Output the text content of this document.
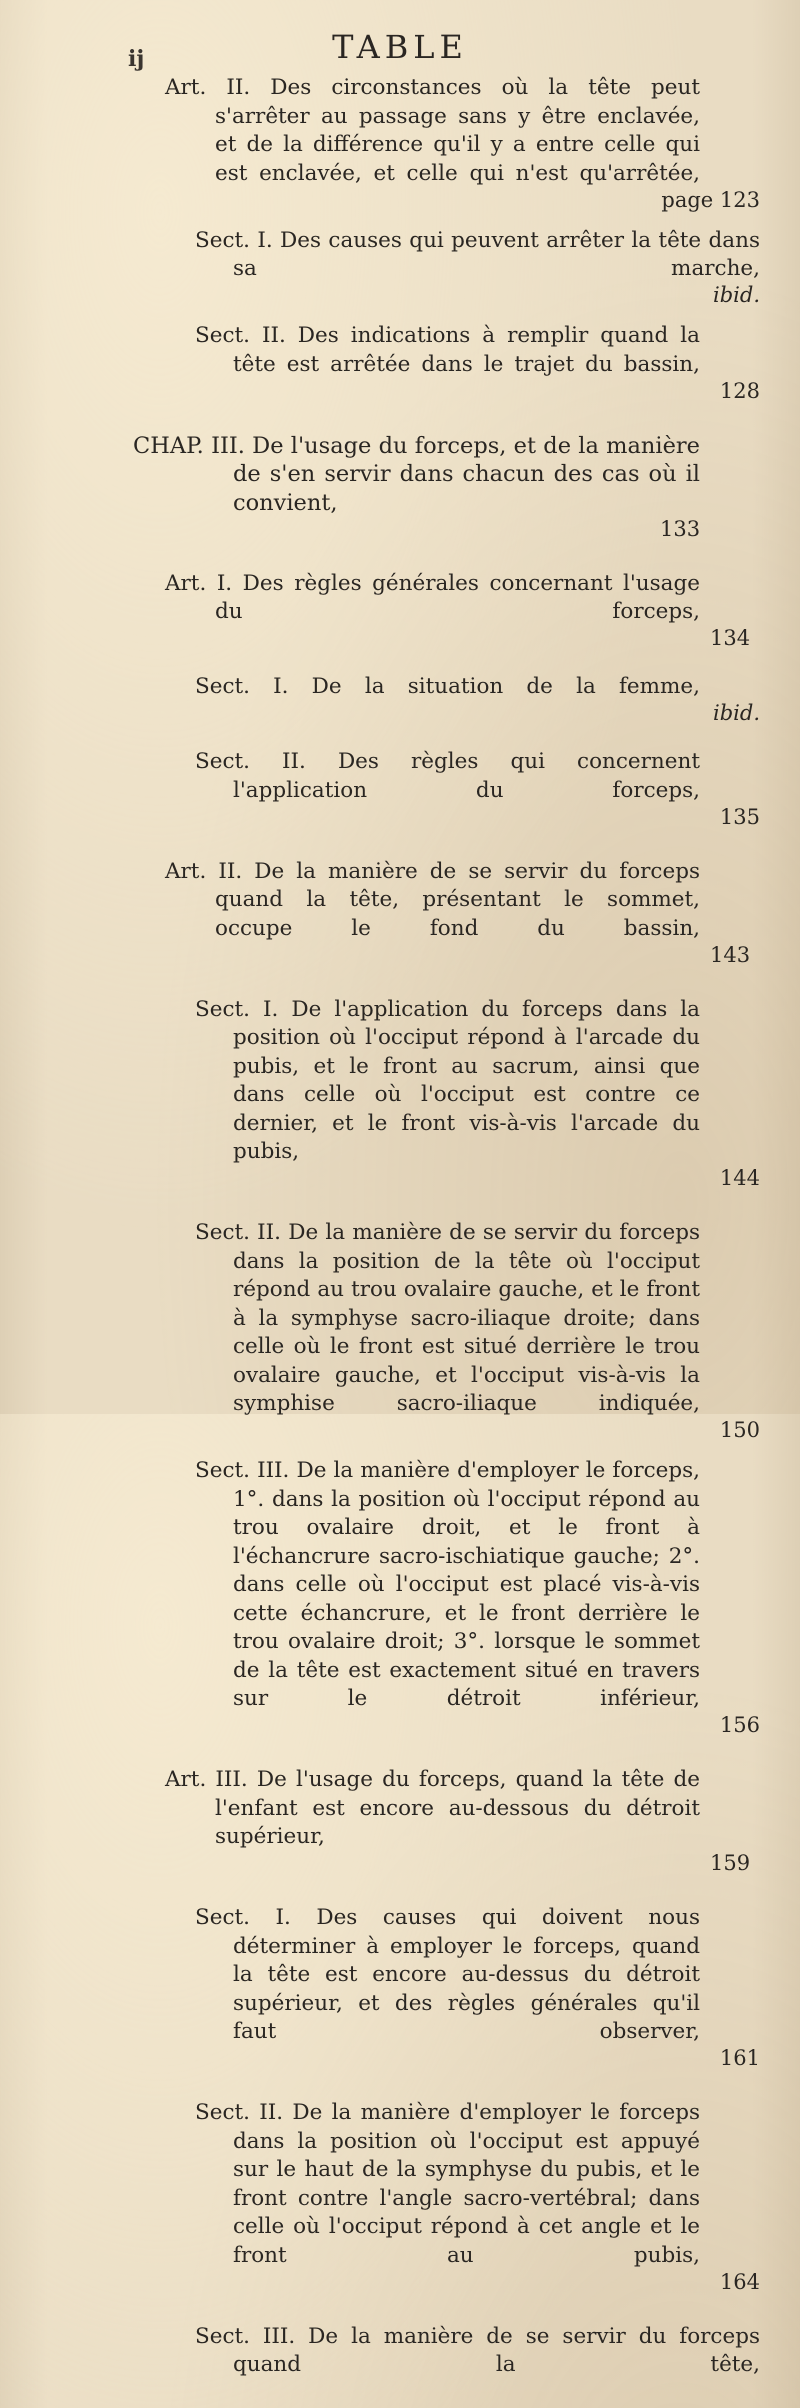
ij	TABLE
Art. II. Des circonstances où la tête peut s'arrêter au passage sans y être enclavée, et de la différence qu'il y a entre celle qui est enclavée, et celle qui n'est qu'arrêtée,
page 123
Sect. I. Des causes qui peuvent arrêter la tête dans sa marche,
ibid.
Sect. II. Des indications à remplir quand la tête est arrêtée dans le trajet du bassin,
128
CHAP. III. De l'usage du forceps, et de la manière de s'en servir dans chacun des cas où il convient,
133
Art. I. Des règles générales concernant l'usage du forceps,
134
Sect. I. De la situation de la femme,
ibid.
Sect. II. Des règles qui concernent l'application du forceps,
135
Art. II. De la manière de se servir du forceps quand la tête, présentant le sommet, occupe le fond du bassin,
143
Sect. I. De l'application du forceps dans la position où l'occiput répond à l'arcade du pubis, et le front au sacrum, ainsi que dans celle où l'occiput est contre ce dernier, et le front vis-à-vis l'arcade du pubis,
144
Sect. II. De la manière de se servir du forceps dans la position de la tête où l'occiput répond au trou ovalaire gauche, et le front à la symphyse sacro-iliaque droite; dans celle où le front est situé derrière le trou ovalaire gauche, et l'occiput vis-à-vis la symphise sacro-iliaque indiquée,
150
Sect. III. De la manière d'employer le forceps, 1°. dans la position où l'occiput répond au trou ovalaire droit, et le front à l'échancrure sacro-ischiatique gauche; 2°. dans celle où l'occiput est placé vis-à-vis cette échancrure, et le front derrière le trou ovalaire droit; 3°. lorsque le sommet de la tête est exactement situé en travers sur le détroit inférieur,
156
Art. III. De l'usage du forceps, quand la tête de l'enfant est encore au-dessous du détroit supérieur,
159
Sect. I. Des causes qui doivent nous déterminer à employer le forceps, quand la tête est encore au-dessus du détroit supérieur, et des règles générales qu'il faut observer,
161
Sect. II. De la manière d'employer le forceps dans la position où l'occiput est appuyé sur le haut de la symphyse du pubis, et le front contre l'angle sacro-vertébral; dans celle où l'occiput répond à cet angle et le front au pubis,
164
Sect. III. De la manière de se servir du forceps quand la tête,
